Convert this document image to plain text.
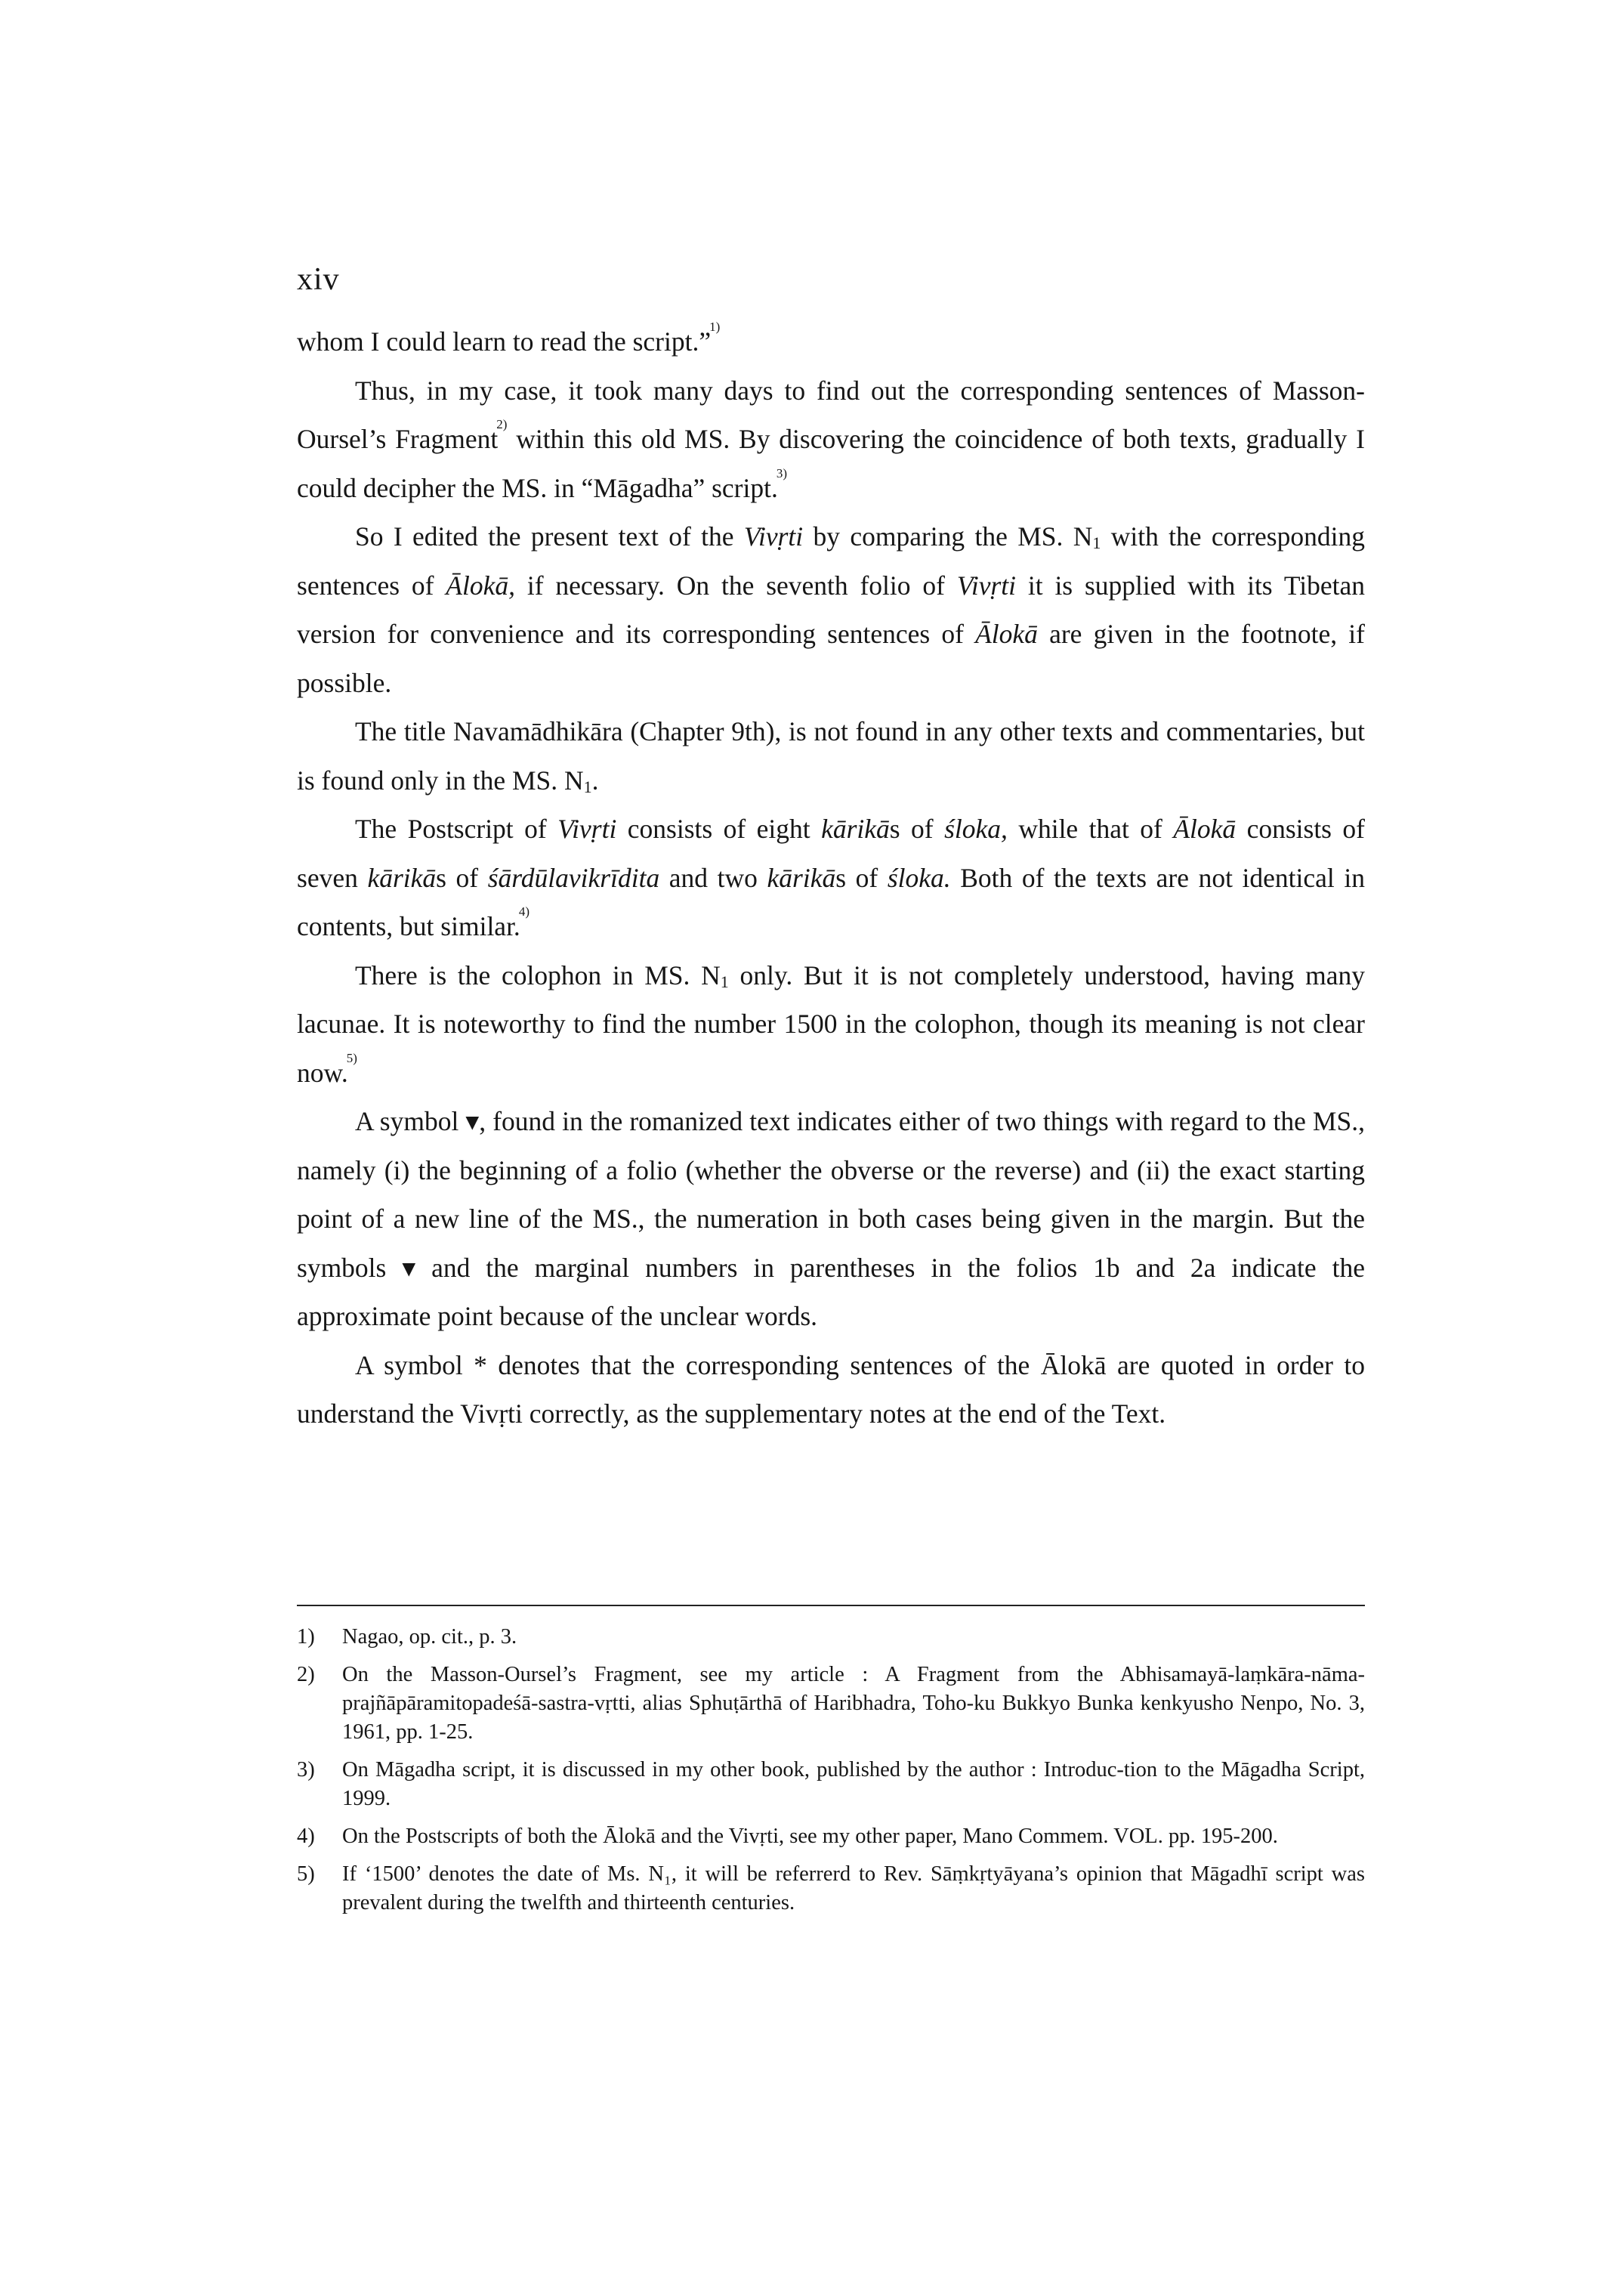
xiv

whom I could learn to read the script.”$^{1)}$

Thus, in my case, it took many days to find out the corresponding sentences of Masson-Oursel’s Fragment$^{2)}$ within this old MS. By discovering the coincidence of both texts, gradually I could decipher the MS. in “Māgadha” script.$^{3)}$

So I edited the present text of the Vivṛti by comparing the MS. $N_1$ with the corresponding sentences of Ālokā, if necessary. On the seventh folio of Vivṛti it is supplied with its Tibetan version for convenience and its corresponding sentences of Ālokā are given in the footnote, if possible.

The title Navamādhikāra (Chapter 9th), is not found in any other texts and commentaries, but is found only in the MS. $N_1$.

The Postscript of Vivṛti consists of eight kārikās of śloka, while that of Ālokā consists of seven kārikās of śārdūlavikrīdita and two kārikās of śloka. Both of the texts are not identical in contents, but similar.$^{4)}$

There is the colophon in MS. $N_1$ only. But it is not completely understood, having many lacunae. It is noteworthy to find the number 1500 in the colophon, though its meaning is not clear now.$^{5)}$

A symbol ▾, found in the romanized text indicates either of two things with regard to the MS., namely (i) the beginning of a folio (whether the obverse or the reverse) and (ii) the exact starting point of a new line of the MS., the numeration in both cases being given in the margin. But the symbols ▾ and the marginal numbers in parentheses in the folios 1b and 2a indicate the approximate point because of the unclear words.

A symbol * denotes that the corresponding sentences of the Ālokā are quoted in order to understand the Vivṛti correctly, as the supplementary notes at the end of the Text.

1)	Nagao, op. cit., p. 3.
2)	On the Masson-Oursel’s Fragment, see my article : A Fragment from the Abhisamayā-laṃkāra-nāma-prajñāpāramitopadeśā-sastra-vṛtti, alias Sphuṭārthā of Haribhadra, Toho-ku Bukkyo Bunka kenkyusho Nenpo, No. 3, 1961, pp. 1-25.
3)	On Māgadha script, it is discussed in my other book, published by the author : Introduc-tion to the Māgadha Script, 1999.
4)	On the Postscripts of both the Ālokā and the Vivṛti, see my other paper, Mano Commem. VOL. pp. 195-200.
5)	If ‘1500’ denotes the date of Ms. N₁, it will be referrerd to Rev. Sāṃkṛtyāyana’s opinion that Māgadhī script was prevalent during the twelfth and thirteenth centuries.
